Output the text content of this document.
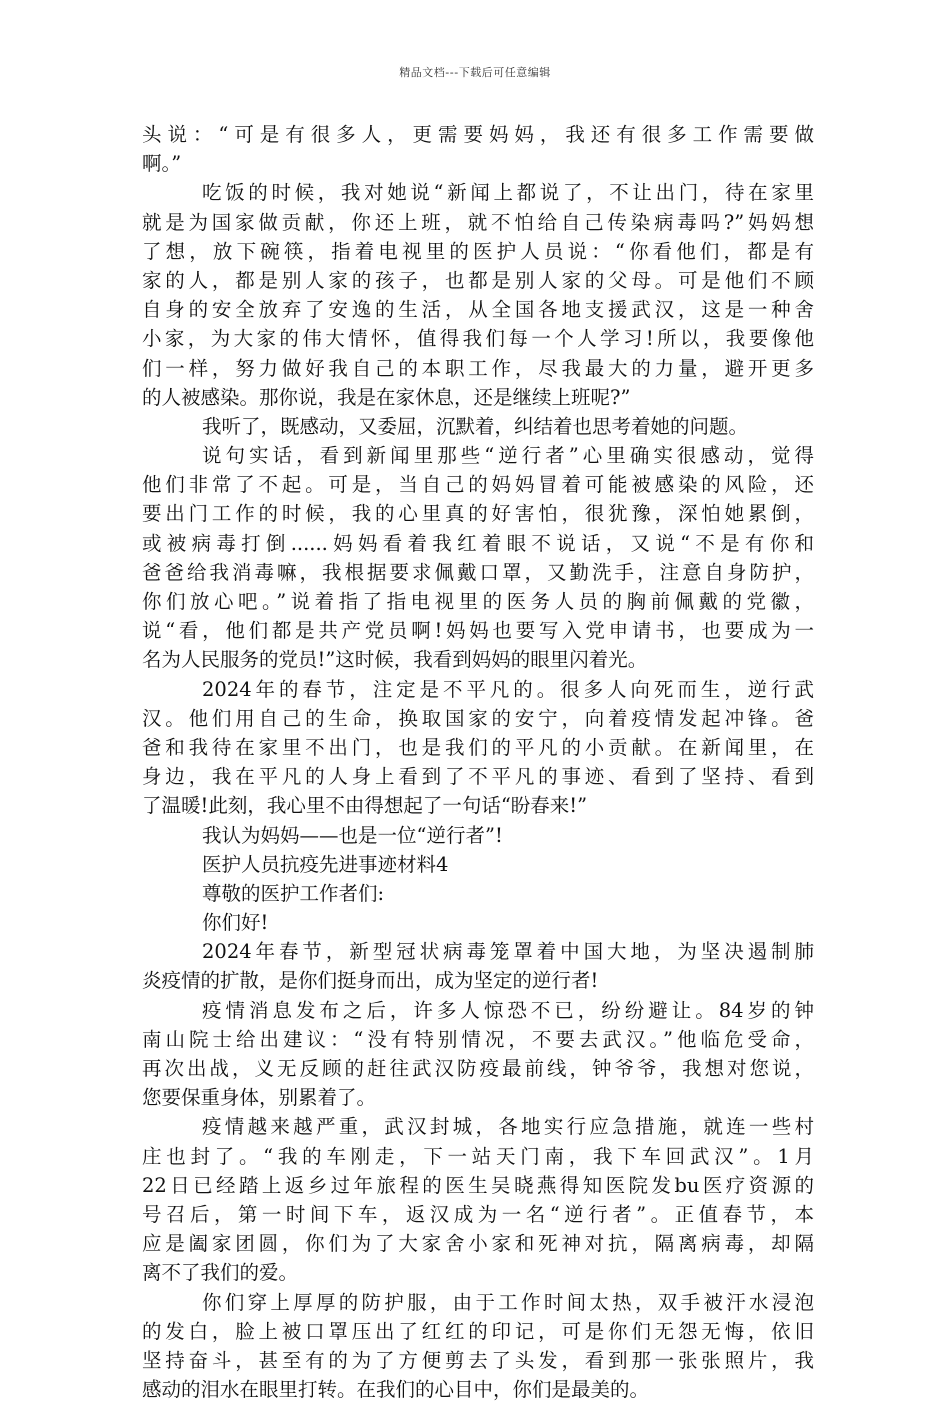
精品文档---下载后可任意编辑
头说：“可是有很多人，更需要妈妈，我还有很多工作需要做
啊。”
吃饭的时候，我对她说“新闻上都说了，不让出门，待在家里
就是为国家做贡献，你还上班，就不怕给自己传染病毒吗?”妈妈想
了想，放下碗筷，指着电视里的医护人员说：“你看他们，都是有
家的人，都是别人家的孩子，也都是别人家的父母。可是他们不顾
自身的安全放弃了安逸的生活，从全国各地支援武汉，这是一种舍
小家，为大家的伟大情怀，值得我们每一个人学习!所以，我要像他
们一样，努力做好我自己的本职工作，尽我最大的力量，避开更多
的人被感染。那你说，我是在家休息，还是继续上班呢?”
我听了，既感动，又委屈，沉默着，纠结着也思考着她的问题。
说句实话，看到新闻里那些“逆行者”心里确实很感动，觉得
他们非常了不起。可是，当自己的妈妈冒着可能被感染的风险，还
要出门工作的时候，我的心里真的好害怕，很犹豫，深怕她累倒，
或被病毒打倒......妈妈看着我红着眼不说话，又说“不是有你和
爸爸给我消毒嘛，我根据要求佩戴口罩，又勤洗手，注意自身防护，
你们放心吧。”说着指了指电视里的医务人员的胸前佩戴的党徽，
说“看，他们都是共产党员啊!妈妈也要写入党申请书，也要成为一
名为人民服务的党员!”这时候，我看到妈妈的眼里闪着光。
2024年的春节，注定是不平凡的。很多人向死而生，逆行武
汉。他们用自己的生命，换取国家的安宁，向着疫情发起冲锋。爸
爸和我待在家里不出门，也是我们的平凡的小贡献。在新闻里，在
身边，我在平凡的人身上看到了不平凡的事迹、看到了坚持、看到
了温暖!此刻，我心里不由得想起了一句话“盼春来!”
我认为妈妈——也是一位“逆行者”!
医护人员抗疫先进事迹材料4
尊敬的医护工作者们:
你们好!
2024年春节，新型冠状病毒笼罩着中国大地，为坚决遏制肺
炎疫情的扩散，是你们挺身而出，成为坚定的逆行者!
疫情消息发布之后，许多人惊恐不已，纷纷避让。84岁的钟
南山院士给出建议：“没有特别情况，不要去武汉。”他临危受命，
再次出战，义无反顾的赶往武汉防疫最前线，钟爷爷，我想对您说，
您要保重身体，别累着了。
疫情越来越严重，武汉封城，各地实行应急措施，就连一些村
庄也封了。“我的车刚走，下一站天门南，我下车回武汉”。1月
22日已经踏上返乡过年旅程的医生吴晓燕得知医院发bu医疗资源的
号召后，第一时间下车，返汉成为一名“逆行者”。正值春节，本
应是阖家团圆，你们为了大家舍小家和死神对抗，隔离病毒，却隔
离不了我们的爱。
你们穿上厚厚的防护服，由于工作时间太热，双手被汗水浸泡
的发白，脸上被口罩压出了红红的印记，可是你们无怨无悔，依旧
坚持奋斗，甚至有的为了方便剪去了头发，看到那一张张照片，我
感动的泪水在眼里打转。在我们的心目中，你们是最美的。
